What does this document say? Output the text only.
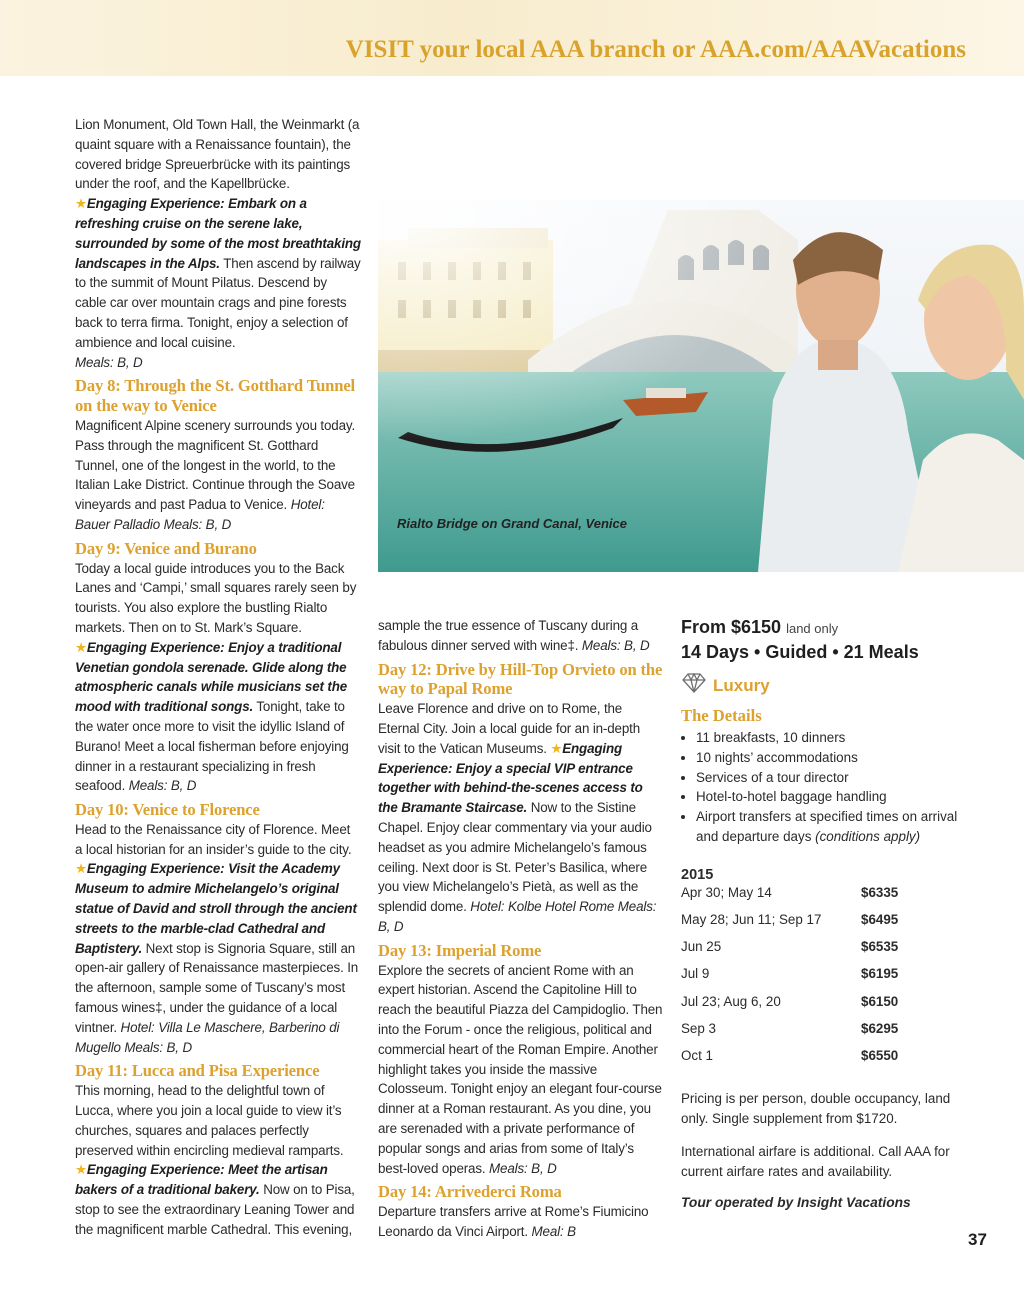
VISIT your local AAA branch or AAA.com/AAAVacations

Lion Monument, Old Town Hall, the Weinmarkt (a quaint square with a Renaissance fountain), the covered bridge Spreuerbrücke with its paintings under the roof, and the Kapellbrücke. ★Engaging Experience: Embark on a refreshing cruise on the serene lake, surrounded by some of the most breathtaking landscapes in the Alps. Then ascend by railway to the summit of Mount Pilatus. Descend by cable car over mountain crags and pine forests back to terra firma. Tonight, enjoy a selection of ambience and local cuisine.
Meals: B, D

Day 8: Through the St. Gotthard Tunnel on the way to Venice

Magnificent Alpine scenery surrounds you today. Pass through the magnificent St. Gotthard Tunnel, one of the longest in the world, to the Italian Lake District. Continue through the Soave vineyards and past Padua to Venice. Hotel: Bauer Palladio Meals: B, D

Day 9: Venice and Burano

Today a local guide introduces you to the Back Lanes and ‘Campi,’ small squares rarely seen by tourists. You also explore the bustling Rialto markets. Then on to St. Mark’s Square. ★Engaging Experience: Enjoy a traditional Venetian gondola serenade. Glide along the atmospheric canals while musicians set the mood with traditional songs. Tonight, take to the water once more to visit the idyllic Island of Burano! Meet a local fisherman before enjoying dinner in a restaurant specializing in fresh seafood. Meals: B, D

Day 10: Venice to Florence

Head to the Renaissance city of Florence. Meet a local historian for an insider’s guide to the city. ★Engaging Experience: Visit the Academy Museum to admire Michelangelo’s original statue of David and stroll through the ancient streets to the marble-clad Cathedral and Baptistery. Next stop is Signoria Square, still an open-air gallery of Renaissance masterpieces. In the afternoon, sample some of Tuscany’s most famous wines‡, under the guidance of a local vintner. Hotel: Villa Le Maschere, Barberino di Mugello Meals: B, D

Day 11: Lucca and Pisa Experience

This morning, head to the delightful town of Lucca, where you join a local guide to view it’s churches, squares and palaces perfectly preserved within encircling medieval ramparts. ★Engaging Experience: Meet the artisan bakers of a traditional bakery. Now on to Pisa, stop to see the extraordinary Leaning Tower and the magnificent marble Cathedral. This evening,

Rialto Bridge on Grand Canal, Venice

sample the true essence of Tuscany during a fabulous dinner served with wine‡. Meals: B, D

Day 12: Drive by Hill-Top Orvieto on the way to Papal Rome

Leave Florence and drive on to Rome, the Eternal City. Join a local guide for an in-depth visit to the Vatican Museums. ★Engaging Experience: Enjoy a special VIP entrance together with behind-the-scenes access to the Bramante Staircase. Now to the Sistine Chapel. Enjoy clear commentary via your audio headset as you admire Michelangelo’s famous ceiling. Next door is St. Peter’s Basilica, where you view Michelangelo’s Pietà, as well as the splendid dome. Hotel: Kolbe Hotel Rome Meals: B, D

Day 13: Imperial Rome

Explore the secrets of ancient Rome with an expert historian. Ascend the Capitoline Hill to reach the beautiful Piazza del Campidoglio. Then into the Forum - once the religious, political and commercial heart of the Roman Empire. Another highlight takes you inside the massive Colosseum. Tonight enjoy an elegant four-course dinner at a Roman restaurant. As you dine, you are serenaded with a private performance of popular songs and arias from some of Italy’s best-loved operas. Meals: B, D

Day 14: Arrivederci Roma

Departure transfers arrive at Rome’s Fiumicino Leonardo da Vinci Airport. Meal: B

From $6150 land only
14 Days • Guided • 21 Meals
Luxury
The Details
• 11 breakfasts, 10 dinners
• 10 nights’ accommodations
• Services of a tour director
• Hotel-to-hotel baggage handling
• Airport transfers at specified times on arrival and departure days (conditions apply)
2015
Apr 30; May 14	$6335
May 28; Jun 11; Sep 17	$6495
Jun 25	$6535
Jul 9	$6195
Jul 23; Aug 6, 20	$6150
Sep 3	$6295
Oct 1	$6550

Pricing is per person, double occupancy, land only. Single supplement from $1720.

International airfare is additional. Call AAA for current airfare rates and availability.

Tour operated by Insight Vacations
37
